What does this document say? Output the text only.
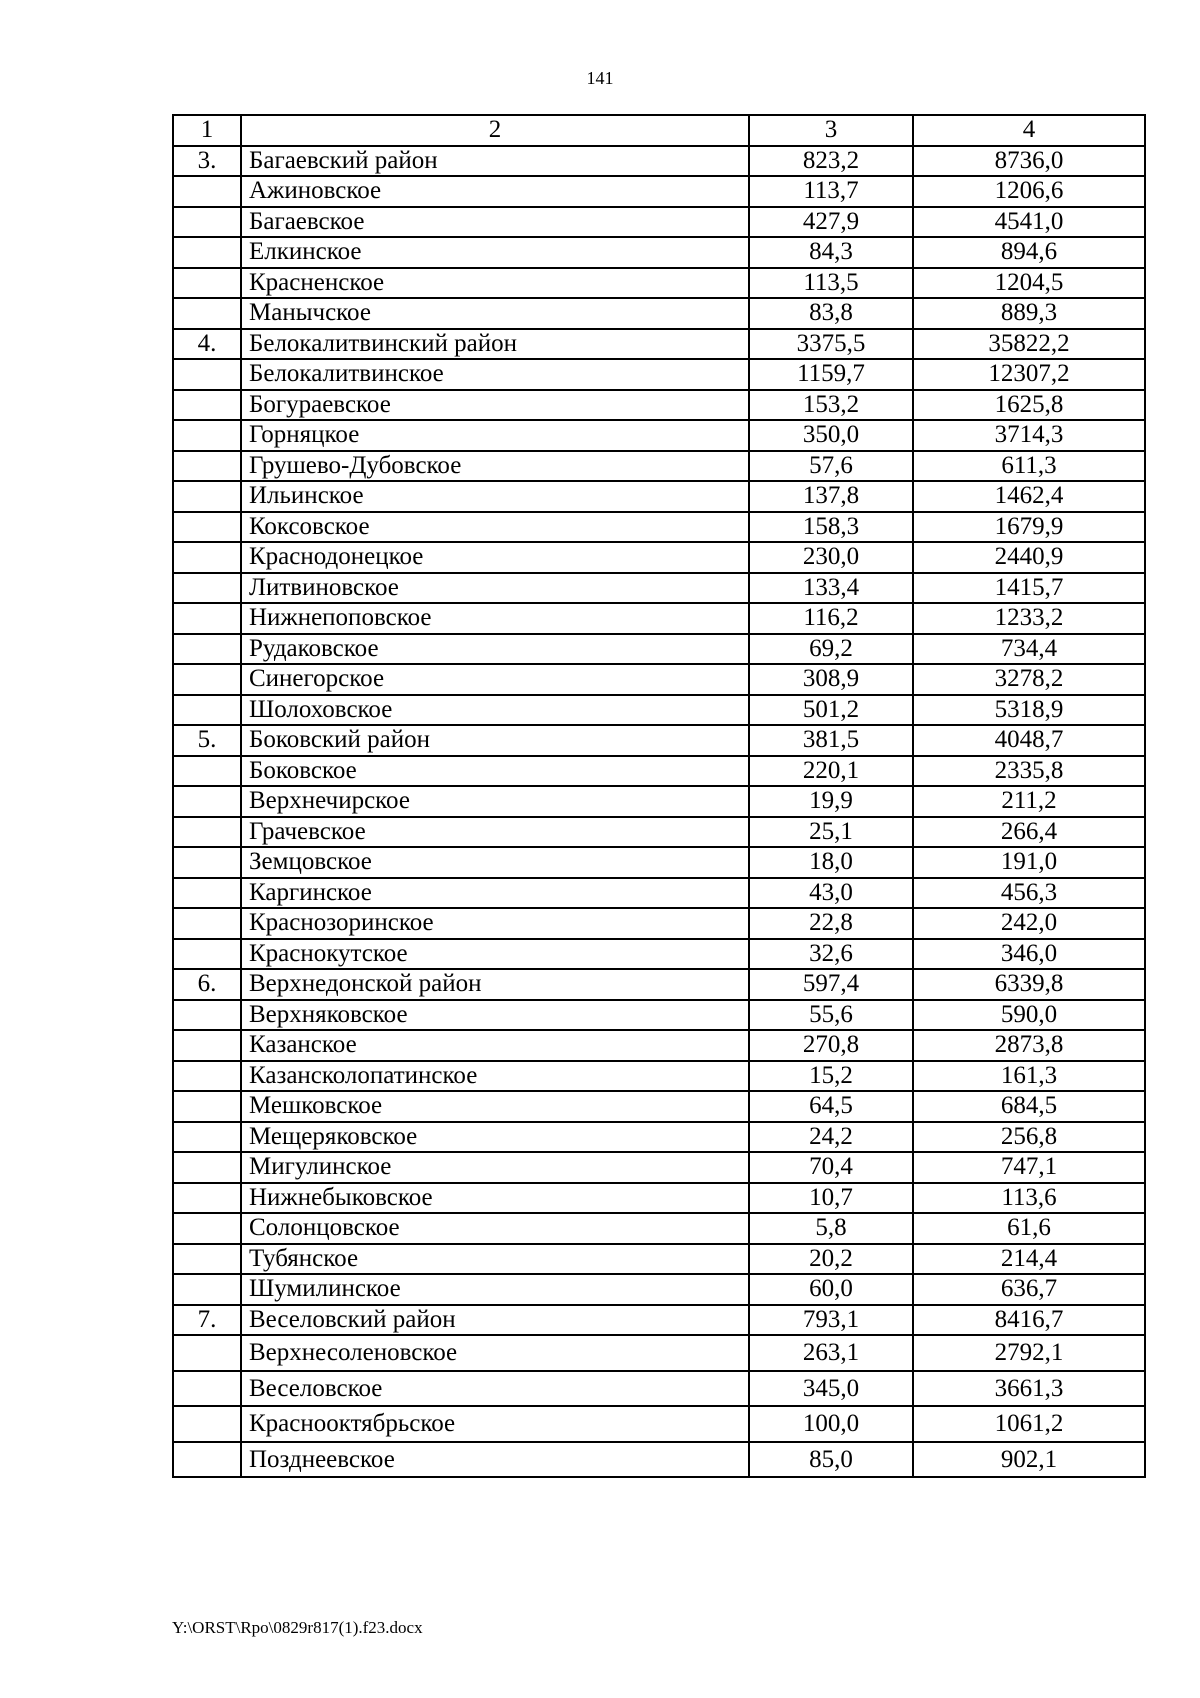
141
1	2	3	4
3.	Багаевский район	823,2	8736,0
	Ажиновское	113,7	1206,6
	Багаевское	427,9	4541,0
	Елкинское	84,3	894,6
	Красненское	113,5	1204,5
	Манычское	83,8	889,3
4.	Белокалитвинский район	3375,5	35822,2
	Белокалитвинское	1159,7	12307,2
	Богураевское	153,2	1625,8
	Горняцкое	350,0	3714,3
	Грушево-Дубовское	57,6	611,3
	Ильинское	137,8	1462,4
	Коксовское	158,3	1679,9
	Краснодонецкое	230,0	2440,9
	Литвиновское	133,4	1415,7
	Нижнепоповское	116,2	1233,2
	Рудаковское	69,2	734,4
	Синегорское	308,9	3278,2
	Шолоховское	501,2	5318,9
5.	Боковский район	381,5	4048,7
	Боковское	220,1	2335,8
	Верхнечирское	19,9	211,2
	Грачевское	25,1	266,4
	Земцовское	18,0	191,0
	Каргинское	43,0	456,3
	Краснозоринское	22,8	242,0
	Краснокутское	32,6	346,0
6.	Верхнедонской район	597,4	6339,8
	Верхняковское	55,6	590,0
	Казанское	270,8	2873,8
	Казансколопатинское	15,2	161,3
	Мешковское	64,5	684,5
	Мещеряковское	24,2	256,8
	Мигулинское	70,4	747,1
	Нижнебыковское	10,7	113,6
	Солонцовское	5,8	61,6
	Тубянское	20,2	214,4
	Шумилинское	60,0	636,7
7.	Веселовский район	793,1	8416,7
	Верхнесоленовское	263,1	2792,1
	Веселовское	345,0	3661,3
	Краснооктябрьское	100,0	1061,2
	Позднеевское	85,0	902,1
Y:\ORST\Rpo\0829r817(1).f23.docx
